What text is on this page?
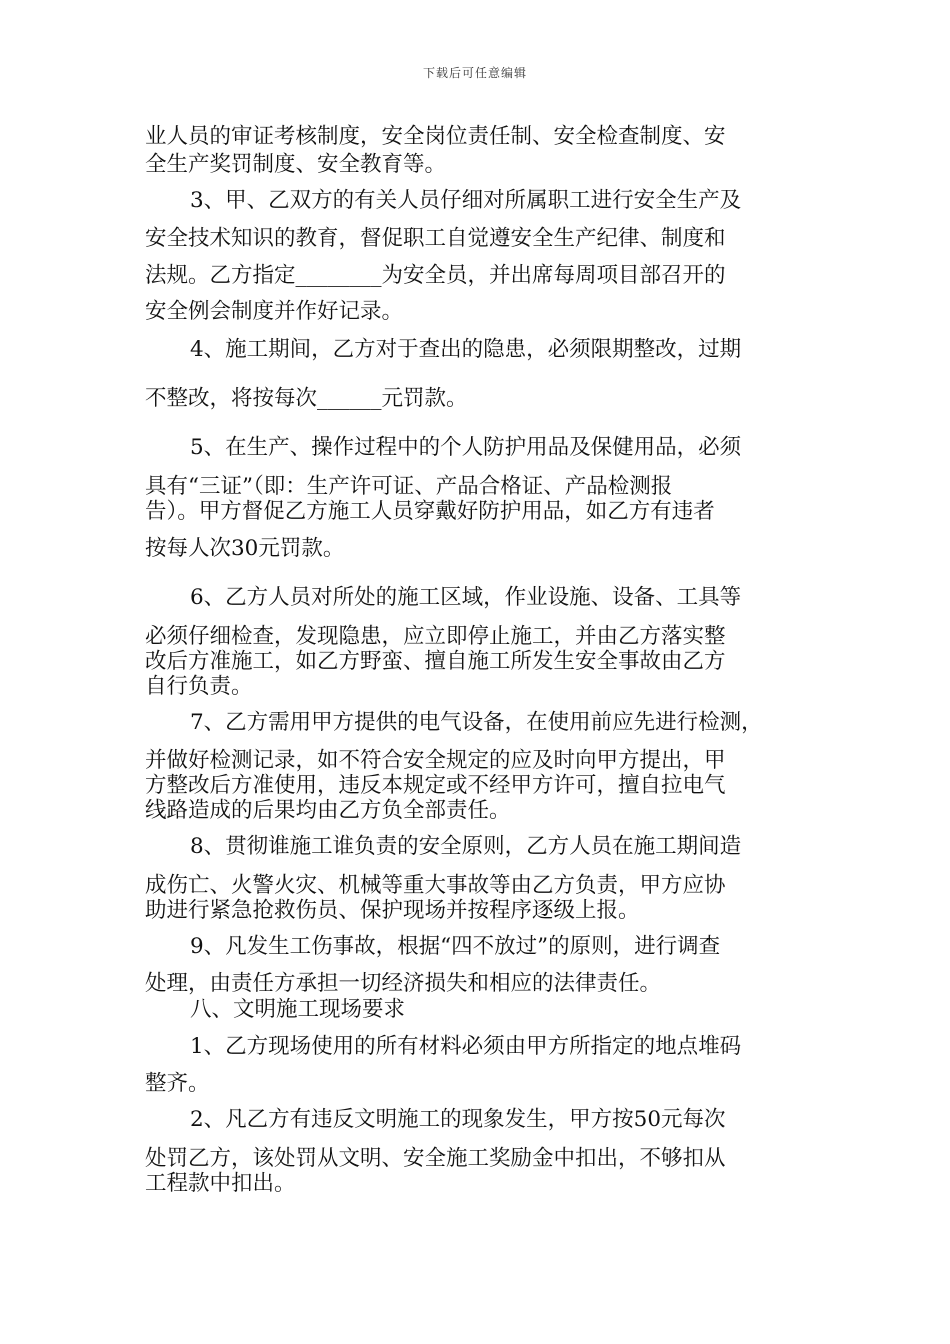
下载后可任意编辑
业人员的审证考核制度，安全岗位责任制、安全检查制度、安
全生产奖罚制度、安全教育等。
3、甲、乙双方的有关人员仔细对所属职工进行安全生产及
安全技术知识的教育，督促职工自觉遵安全生产纪律、制度和
法规。乙方指定________为安全员，并出席每周项目部召开的
安全例会制度并作好记录。
4、施工期间，乙方对于查出的隐患，必须限期整改，过期
不整改，将按每次______元罚款。
5、在生产、操作过程中的个人防护用品及保健用品，必须
具有“三证”（即：生产许可证、产品合格证、产品检测报
告）。甲方督促乙方施工人员穿戴好防护用品，如乙方有违者
按每人次30元罚款。
6、乙方人员对所处的施工区域，作业设施、设备、工具等
必须仔细检查，发现隐患，应立即停止施工，并由乙方落实整
改后方准施工，如乙方野蛮、擅自施工所发生安全事故由乙方
自行负责。
7、乙方需用甲方提供的电气设备，在使用前应先进行检测，
并做好检测记录，如不符合安全规定的应及时向甲方提出，甲
方整改后方准使用，违反本规定或不经甲方许可，擅自拉电气
线路造成的后果均由乙方负全部责任。
8、贯彻谁施工谁负责的安全原则，乙方人员在施工期间造
成伤亡、火警火灾、机械等重大事故等由乙方负责，甲方应协
助进行紧急抢救伤员、保护现场并按程序逐级上报。
9、凡发生工伤事故，根据“四不放过”的原则，进行调查
处理，由责任方承担一切经济损失和相应的法律责任。
八、文明施工现场要求
1、乙方现场使用的所有材料必须由甲方所指定的地点堆码
整齐。
2、凡乙方有违反文明施工的现象发生，甲方按50元每次
处罚乙方，该处罚从文明、安全施工奖励金中扣出，不够扣从
工程款中扣出。
